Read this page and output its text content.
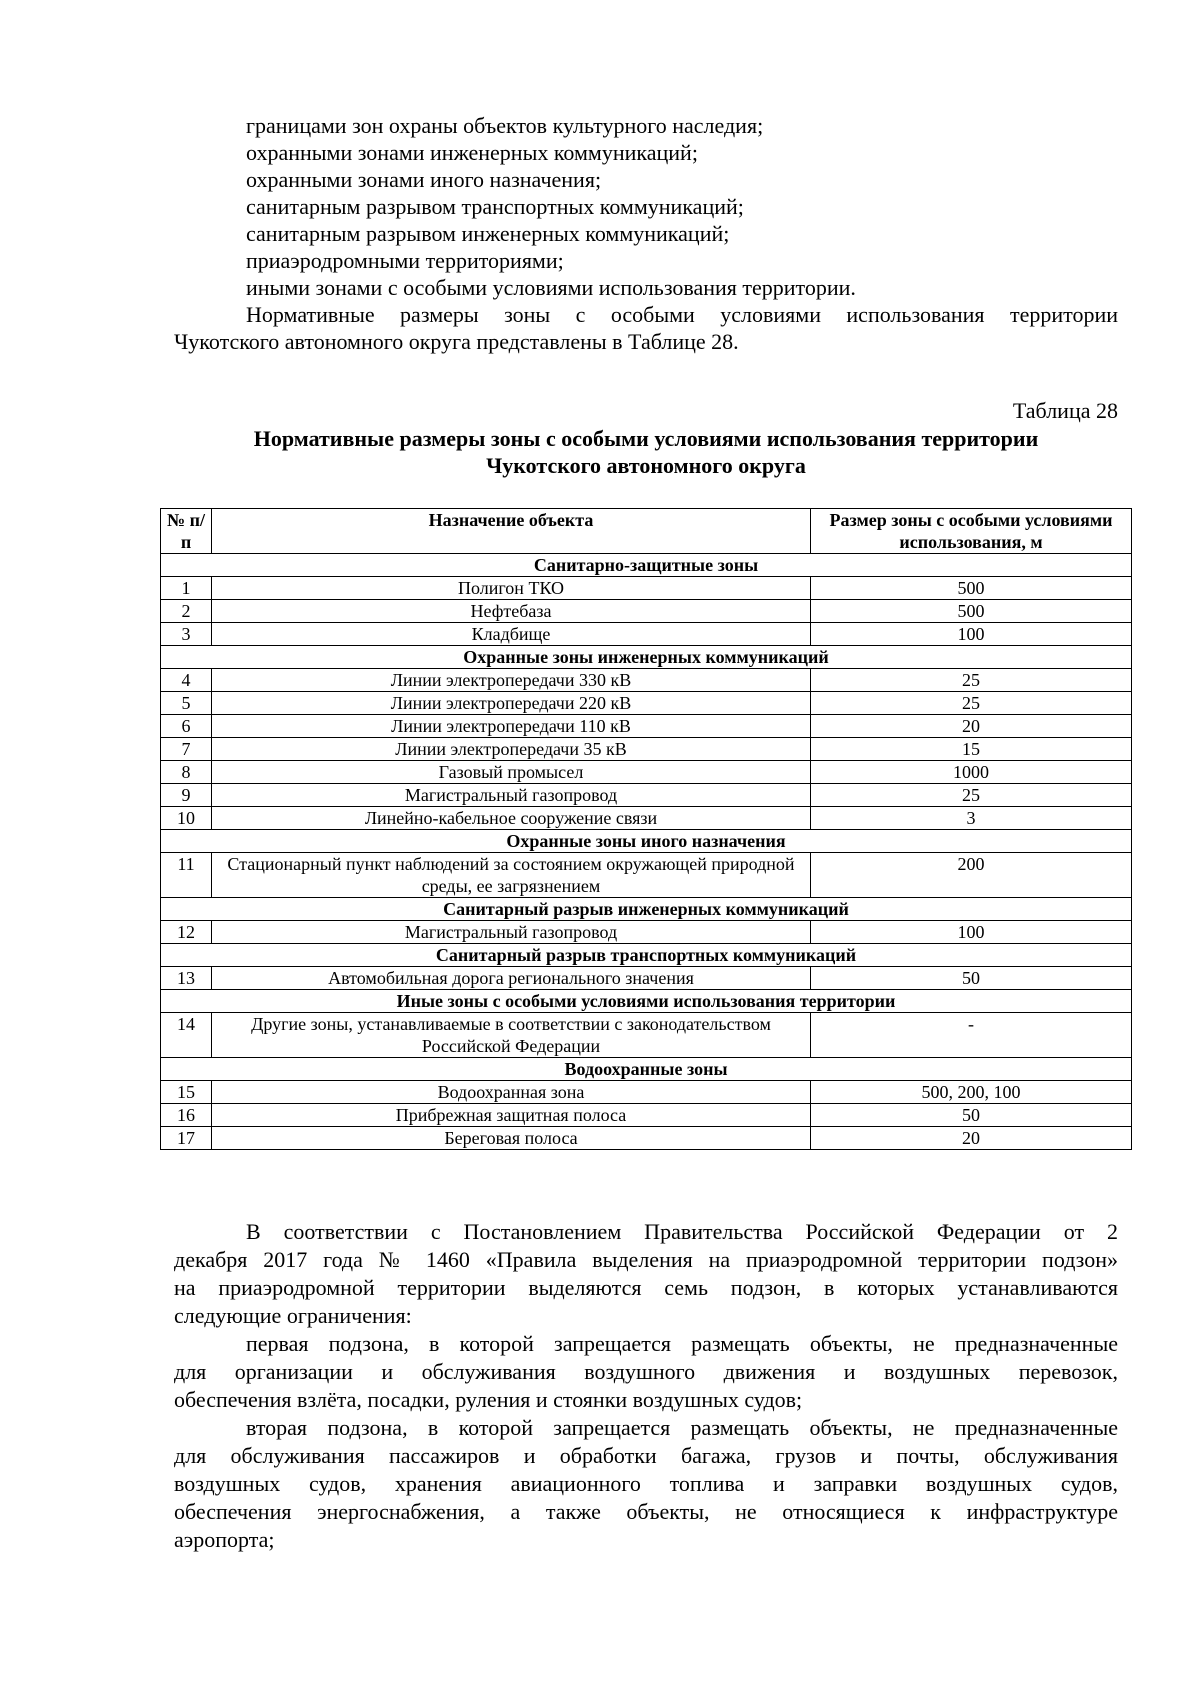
границами зон охраны объектов культурного наследия;

охранными зонами инженерных коммуникаций;

охранными зонами иного назначения;

санитарным разрывом транспортных коммуникаций;

санитарным разрывом инженерных коммуникаций;

приаэродромными территориями;

иными зонами с особыми условиями использования территории.

Нормативные размеры зоны с особыми условиями использования территории

Чукотского автономного округа представлены в Таблице 28.

Таблица 28
Нормативные размеры зоны с особыми условиями использования территории
Чукотского автономного округа
№ п/п	Назначение объекта	Размер зоны с особыми условиями использования, м
Санитарно-защитные зоны		
1	Полигон ТКО	500
2	Нефтебаза	500
3	Кладбище	100
Охранные зоны инженерных коммуникаций		
4	Линии электропередачи 330 кВ	25
5	Линии электропередачи 220 кВ	25
6	Линии электропередачи 110 кВ	20
7	Линии электропередачи 35 кВ	15
8	Газовый промысел	1000
9	Магистральный газопровод	25
10	Линейно-кабельное сооружение связи	3
Охранные зоны иного назначения		
11	Стационарный пункт наблюдений за состоянием окружающей природной среды, ее загрязнением	200
Санитарный разрыв инженерных коммуникаций		
12	Магистральный газопровод	100
Санитарный разрыв транспортных коммуникаций		
13	Автомобильная дорога регионального значения	50
Иные зоны с особыми условиями использования территории		
14	Другие зоны, устанавливаемые в соответствии с законодательством Российской Федерации	-
Водоохранные зоны		
15	Водоохранная зона	500, 200, 100
16	Прибрежная защитная полоса	50
17	Береговая полоса	20

В соответствии с Постановлением Правительства Российской Федерации от 2

декабря 2017 года № 1460 «Правила выделения на приаэродромной территории подзон»

на приаэродромной территории выделяются семь подзон, в которых устанавливаются

следующие ограничения:

первая подзона, в которой запрещается размещать объекты, не предназначенные

для организации и обслуживания воздушного движения и воздушных перевозок,

обеспечения взлёта, посадки, руления и стоянки воздушных судов;

вторая подзона, в которой запрещается размещать объекты, не предназначенные

для обслуживания пассажиров и обработки багажа, грузов и почты, обслуживания

воздушных судов, хранения авиационного топлива и заправки воздушных судов,

обеспечения энергоснабжения, а также объекты, не относящиеся к инфраструктуре

аэропорта;
